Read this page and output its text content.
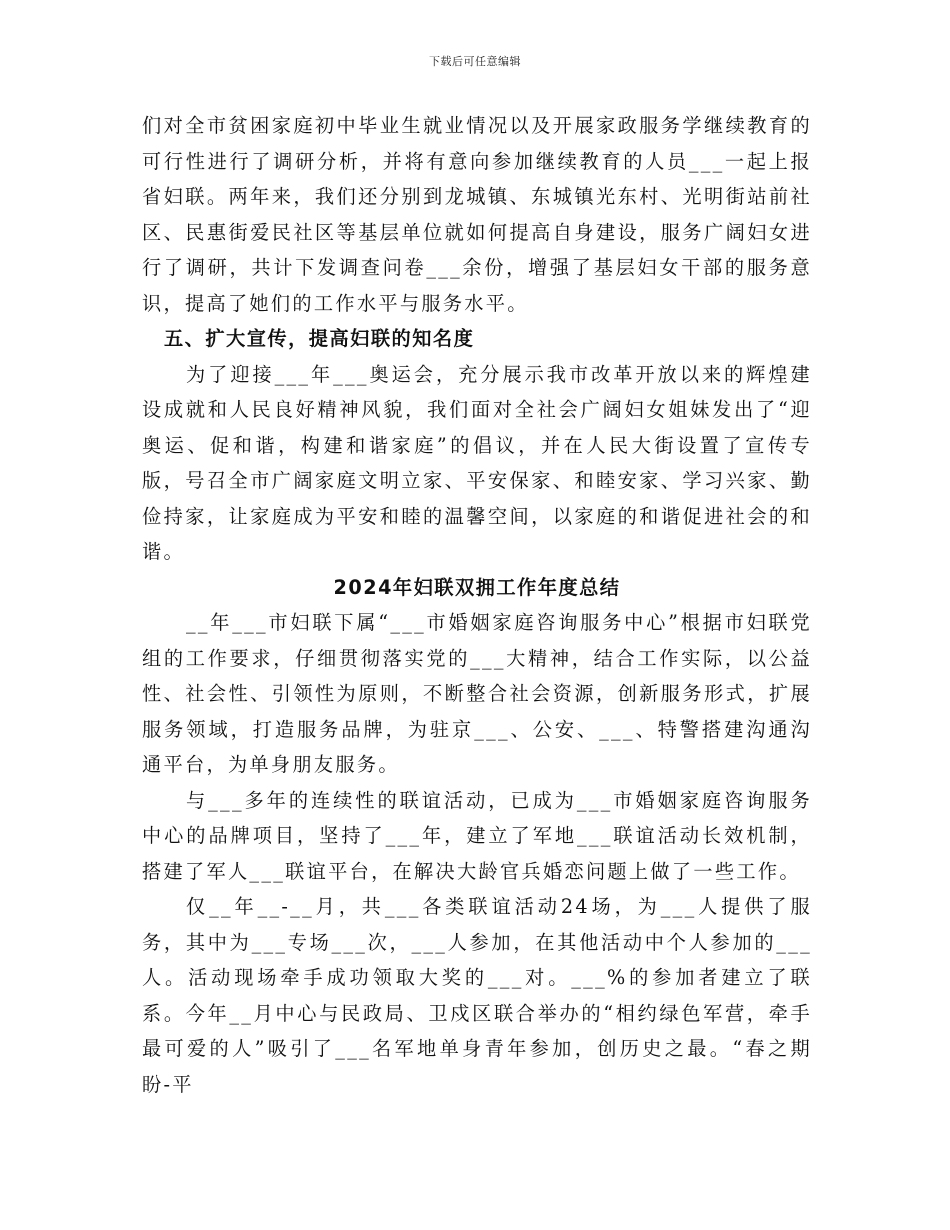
下载后可任意编辑

们对全市贫困家庭初中毕业生就业情况以及开展家政服务学继续教育的可行性进行了调研分析，并将有意向参加继续教育的人员___一起上报省妇联。两年来，我们还分别到龙城镇、东城镇光东村、光明街站前社区、民惠街爱民社区等基层单位就如何提高自身建设，服务广阔妇女进行了调研，共计下发调查问卷___余份，增强了基层妇女干部的服务意识，提高了她们的工作水平与服务水平。

五、扩大宣传，提高妇联的知名度

为了迎接___年___奥运会，充分展示我市改革开放以来的辉煌建设成就和人民良好精神风貌，我们面对全社会广阔妇女姐妹发出了“迎奥运、促和谐，构建和谐家庭”的倡议，并在人民大街设置了宣传专版，号召全市广阔家庭文明立家、平安保家、和睦安家、学习兴家、勤俭持家，让家庭成为平安和睦的温馨空间，以家庭的和谐促进社会的和谐。

2024年妇联双拥工作年度总结

__年___市妇联下属“___市婚姻家庭咨询服务中心”根据市妇联党组的工作要求，仔细贯彻落实党的___大精神，结合工作实际，以公益性、社会性、引领性为原则，不断整合社会资源，创新服务形式，扩展服务领域，打造服务品牌，为驻京___、公安、___、特警搭建沟通沟通平台，为单身朋友服务。

与___多年的连续性的联谊活动，已成为___市婚姻家庭咨询服务中心的品牌项目，坚持了___年，建立了军地___联谊活动长效机制，搭建了军人___联谊平台，在解决大龄官兵婚恋问题上做了一些工作。

仅__年__-__月，共___各类联谊活动24场，为___人提供了服务，其中为___专场___次，___人参加，在其他活动中个人参加的___人。活动现场牵手成功领取大奖的___对。___%的参加者建立了联系。今年__月中心与民政局、卫戍区联合举办的“相约绿色军营，牵手最可爱的人”吸引了___名军地单身青年参加，创历史之最。“春之期盼-平
